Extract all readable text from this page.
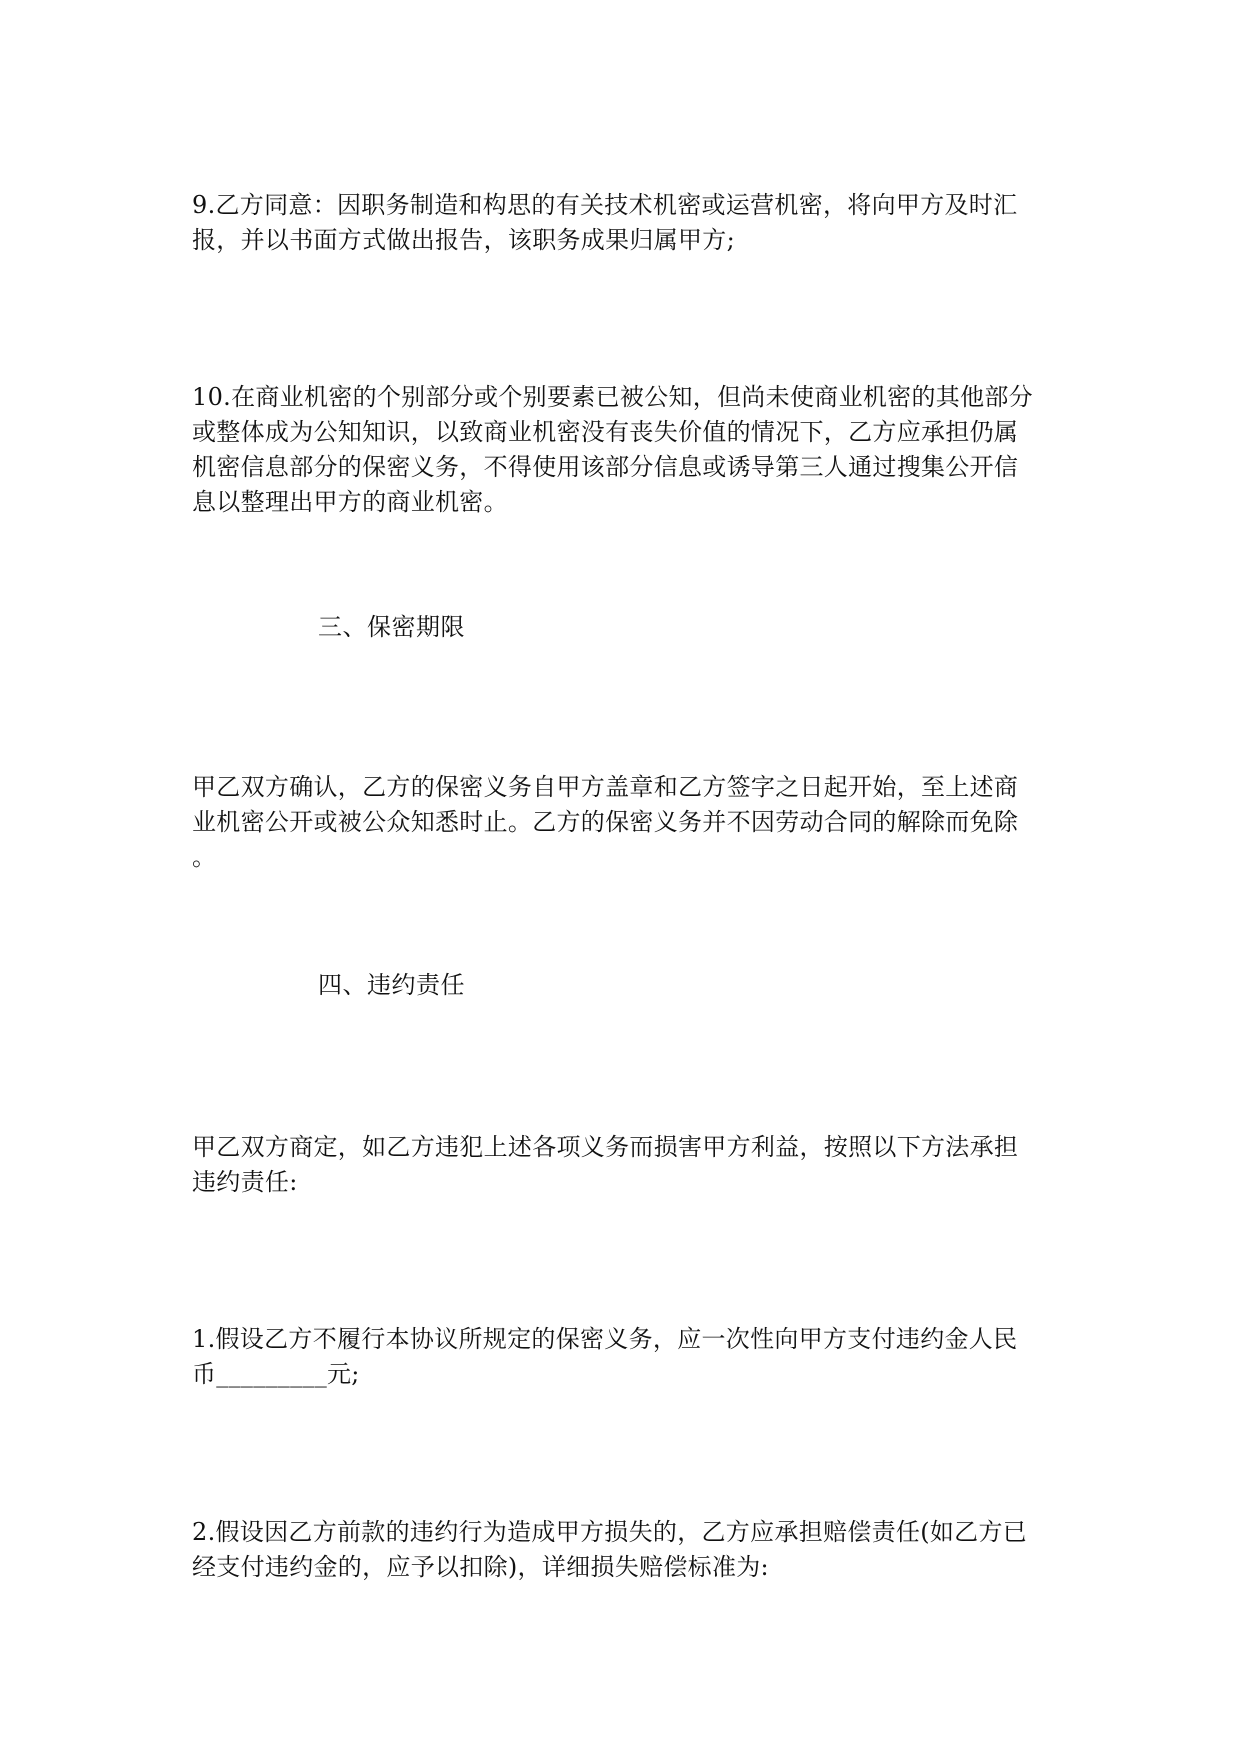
9.乙方同意：因职务制造和构思的有关技术机密或运营机密，将向甲方及时汇
报，并以书面方式做出报告，该职务成果归属甲方;
10.在商业机密的个别部分或个别要素已被公知，但尚未使商业机密的其他部分
或整体成为公知知识，以致商业机密没有丧失价值的情况下，乙方应承担仍属
机密信息部分的保密义务，不得使用该部分信息或诱导第三人通过搜集公开信
息以整理出甲方的商业机密。
三、保密期限
甲乙双方确认，乙方的保密义务自甲方盖章和乙方签字之日起开始，至上述商
业机密公开或被公众知悉时止。乙方的保密义务并不因劳动合同的解除而免除
。
四、违约责任
甲乙双方商定，如乙方违犯上述各项义务而损害甲方利益，按照以下方法承担
违约责任:
1.假设乙方不履行本协议所规定的保密义务，应一次性向甲方支付违约金人民
币_________元;
2.假设因乙方前款的违约行为造成甲方损失的，乙方应承担赔偿责任(如乙方已
经支付违约金的，应予以扣除)，详细损失赔偿标准为:
